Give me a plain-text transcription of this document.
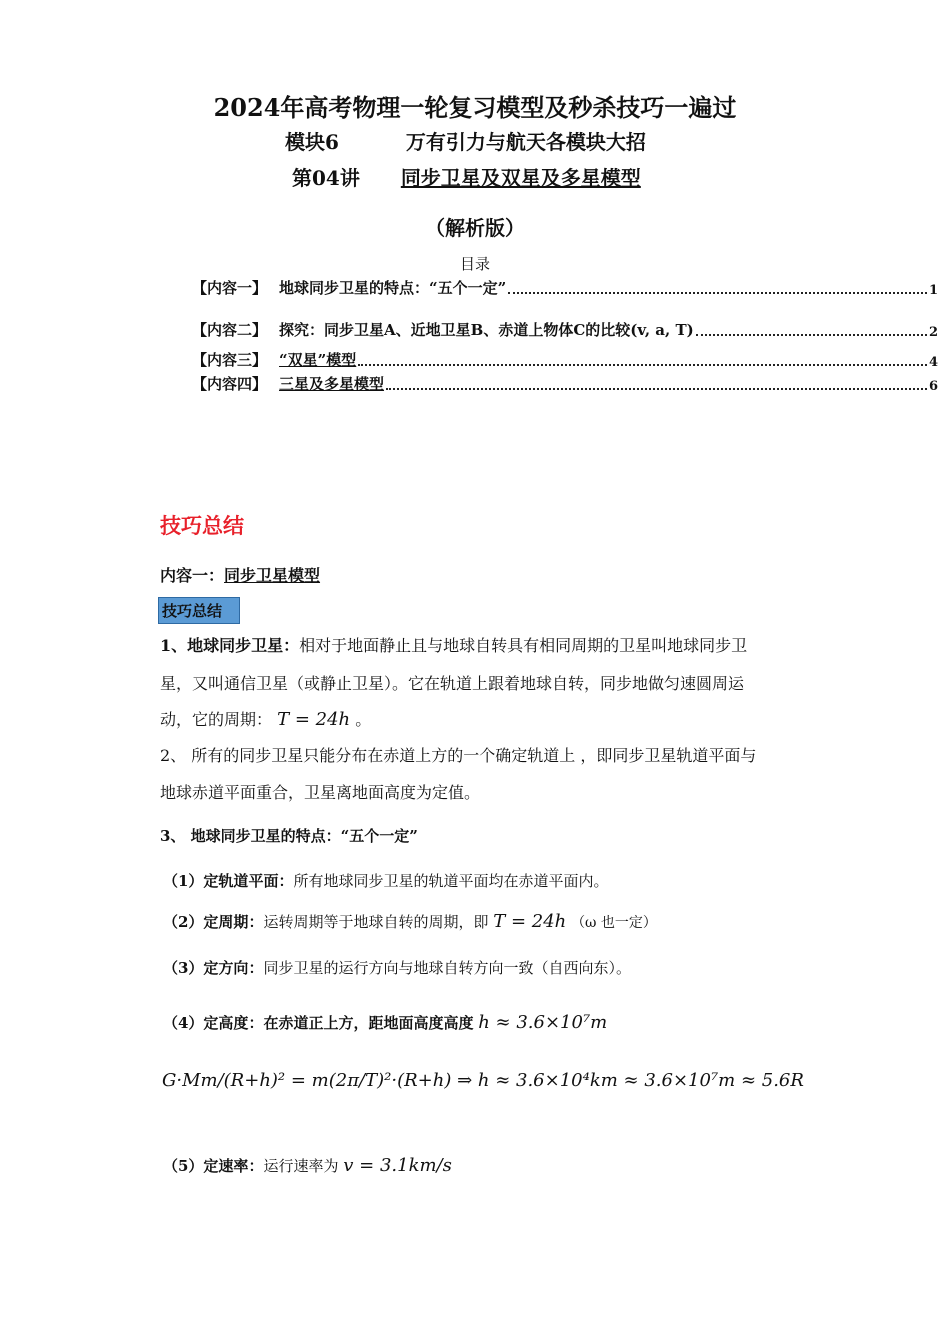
2024年高考物理一轮复习模型及秒杀技巧一遍过
模块6	万有引力与航天各模块大招
第04讲 同步卫星及双星及多星模型
（解析版）
目录
【内容一】 地球同步卫星的特点：“五个一定”	1
【内容二】 探究：同步卫星A、近地卫星B、赤道上物体C的比较(v, a, T)	2
【内容三】 “双星”模型	4
【内容四】 三星及多星模型	6
技巧总结
内容一：同步卫星模型
技巧总结
1、地球同步卫星：相对于地面静止且与地球自转具有相同周期的卫星叫地球同步卫
星，又叫通信卫星（或静止卫星）。它在轨道上跟着地球自转，同步地做匀速圆周运
动，它的周期： T = 24h 。
2、 所有的同步卫星只能分布在赤道上方的一个确定轨道上 ，即同步卫星轨道平面与
地球赤道平面重合，卫星离地面高度为定值。
3、 地球同步卫星的特点：“五个一定”
（1）定轨道平面：所有地球同步卫星的轨道平面均在赤道平面内。
（2）定周期：运转周期等于地球自转的周期，即 T = 24h （ω 也一定）
（3）定方向：同步卫星的运行方向与地球自转方向一致（自西向东）。
（4）定高度：在赤道正上方，距地面高度高度 h ≈ 3.6×10⁷m
G·Mm/(R+h)² = m(2π/T)²·(R+h) ⇒ h ≈ 3.6×10⁴km ≈ 3.6×10⁷m ≈ 5.6R
（5）定速率：运行速率为 v = 3.1km/s
